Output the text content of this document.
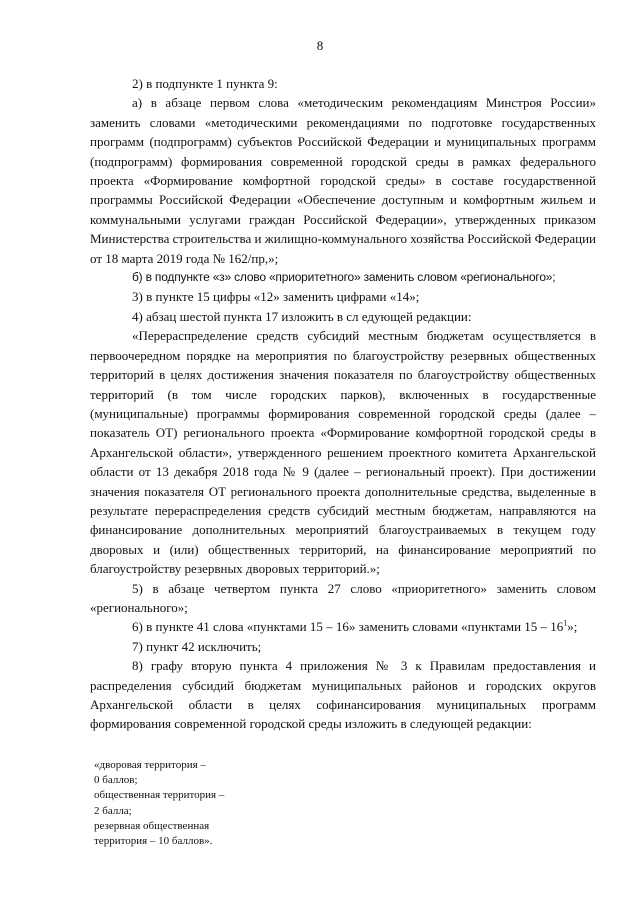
8

2) в подпункте 1 пункта 9:

а) в абзаце первом слова «методическим рекомендациям Минстроя России» заменить словами «методическими рекомендациями по подготовке государственных программ (подпрограмм) субъектов Российской Федерации и муниципальных программ (подпрограмм) формирования современной городской среды в рамках федерального проекта «Формирование комфортной городской среды» в составе государственной программы Российской Федерации «Обеспечение доступным и комфортным жильем и коммунальными услугами граждан Российской Федерации», утвержденных приказом Министерства строительства и жилищно-коммунального хозяйства Российской Федерации от 18 марта 2019 года № 162/пр,»;

б) в подпункте «з» слово «приоритетного» заменить словом «регионального»;

3) в пункте 15 цифры «12» заменить цифрами «14»;

4) абзац шестой пункта 17 изложить в сл едующей редакции:

«Перераспределение средств субсидий местным бюджетам осуществляется в первоочередном порядке на мероприятия по благоустройству резервных общественных территорий в целях достижения значения показателя по благоустройству общественных территорий (в том числе городских парков), включенных в государственные (муниципальные) программы формирования современной городской среды (далее – показатель ОТ) регионального проекта «Формирование комфортной городской среды в Архангельской области», утвержденного решением проектного комитета Архангельской области от 13 декабря 2018 года № 9 (далее – региональный проект). При достижении значения показателя ОТ регионального проекта дополнительные средства, выделенные в результате перераспределения средств субсидий местным бюджетам, направляются на финансирование дополнительных мероприятий благоустраиваемых в текущем году дворовых и (или) общественных территорий, на финансирование мероприятий по благоустройству резервных дворовых территорий.»;

5) в абзаце четвертом пункта 27 слово «приоритетного» заменить словом «регионального»;

6) в пункте 41 слова «пунктами 15 – 16» заменить словами «пунктами $15 - 16^1$»;

7) пункт 42 исключить;

8) графу вторую пункта 4 приложения № 3 к Правилам предоставления и распределения субсидий бюджетам муниципальных районов и городских округов Архангельской области в целях софинансирования муниципальных программ формирования современной городской среды изложить в следующей редакции:

«дворовая территория –
0 баллов;
общественная территория –
2 балла;
резервная общественная
территория – 10 баллов».
